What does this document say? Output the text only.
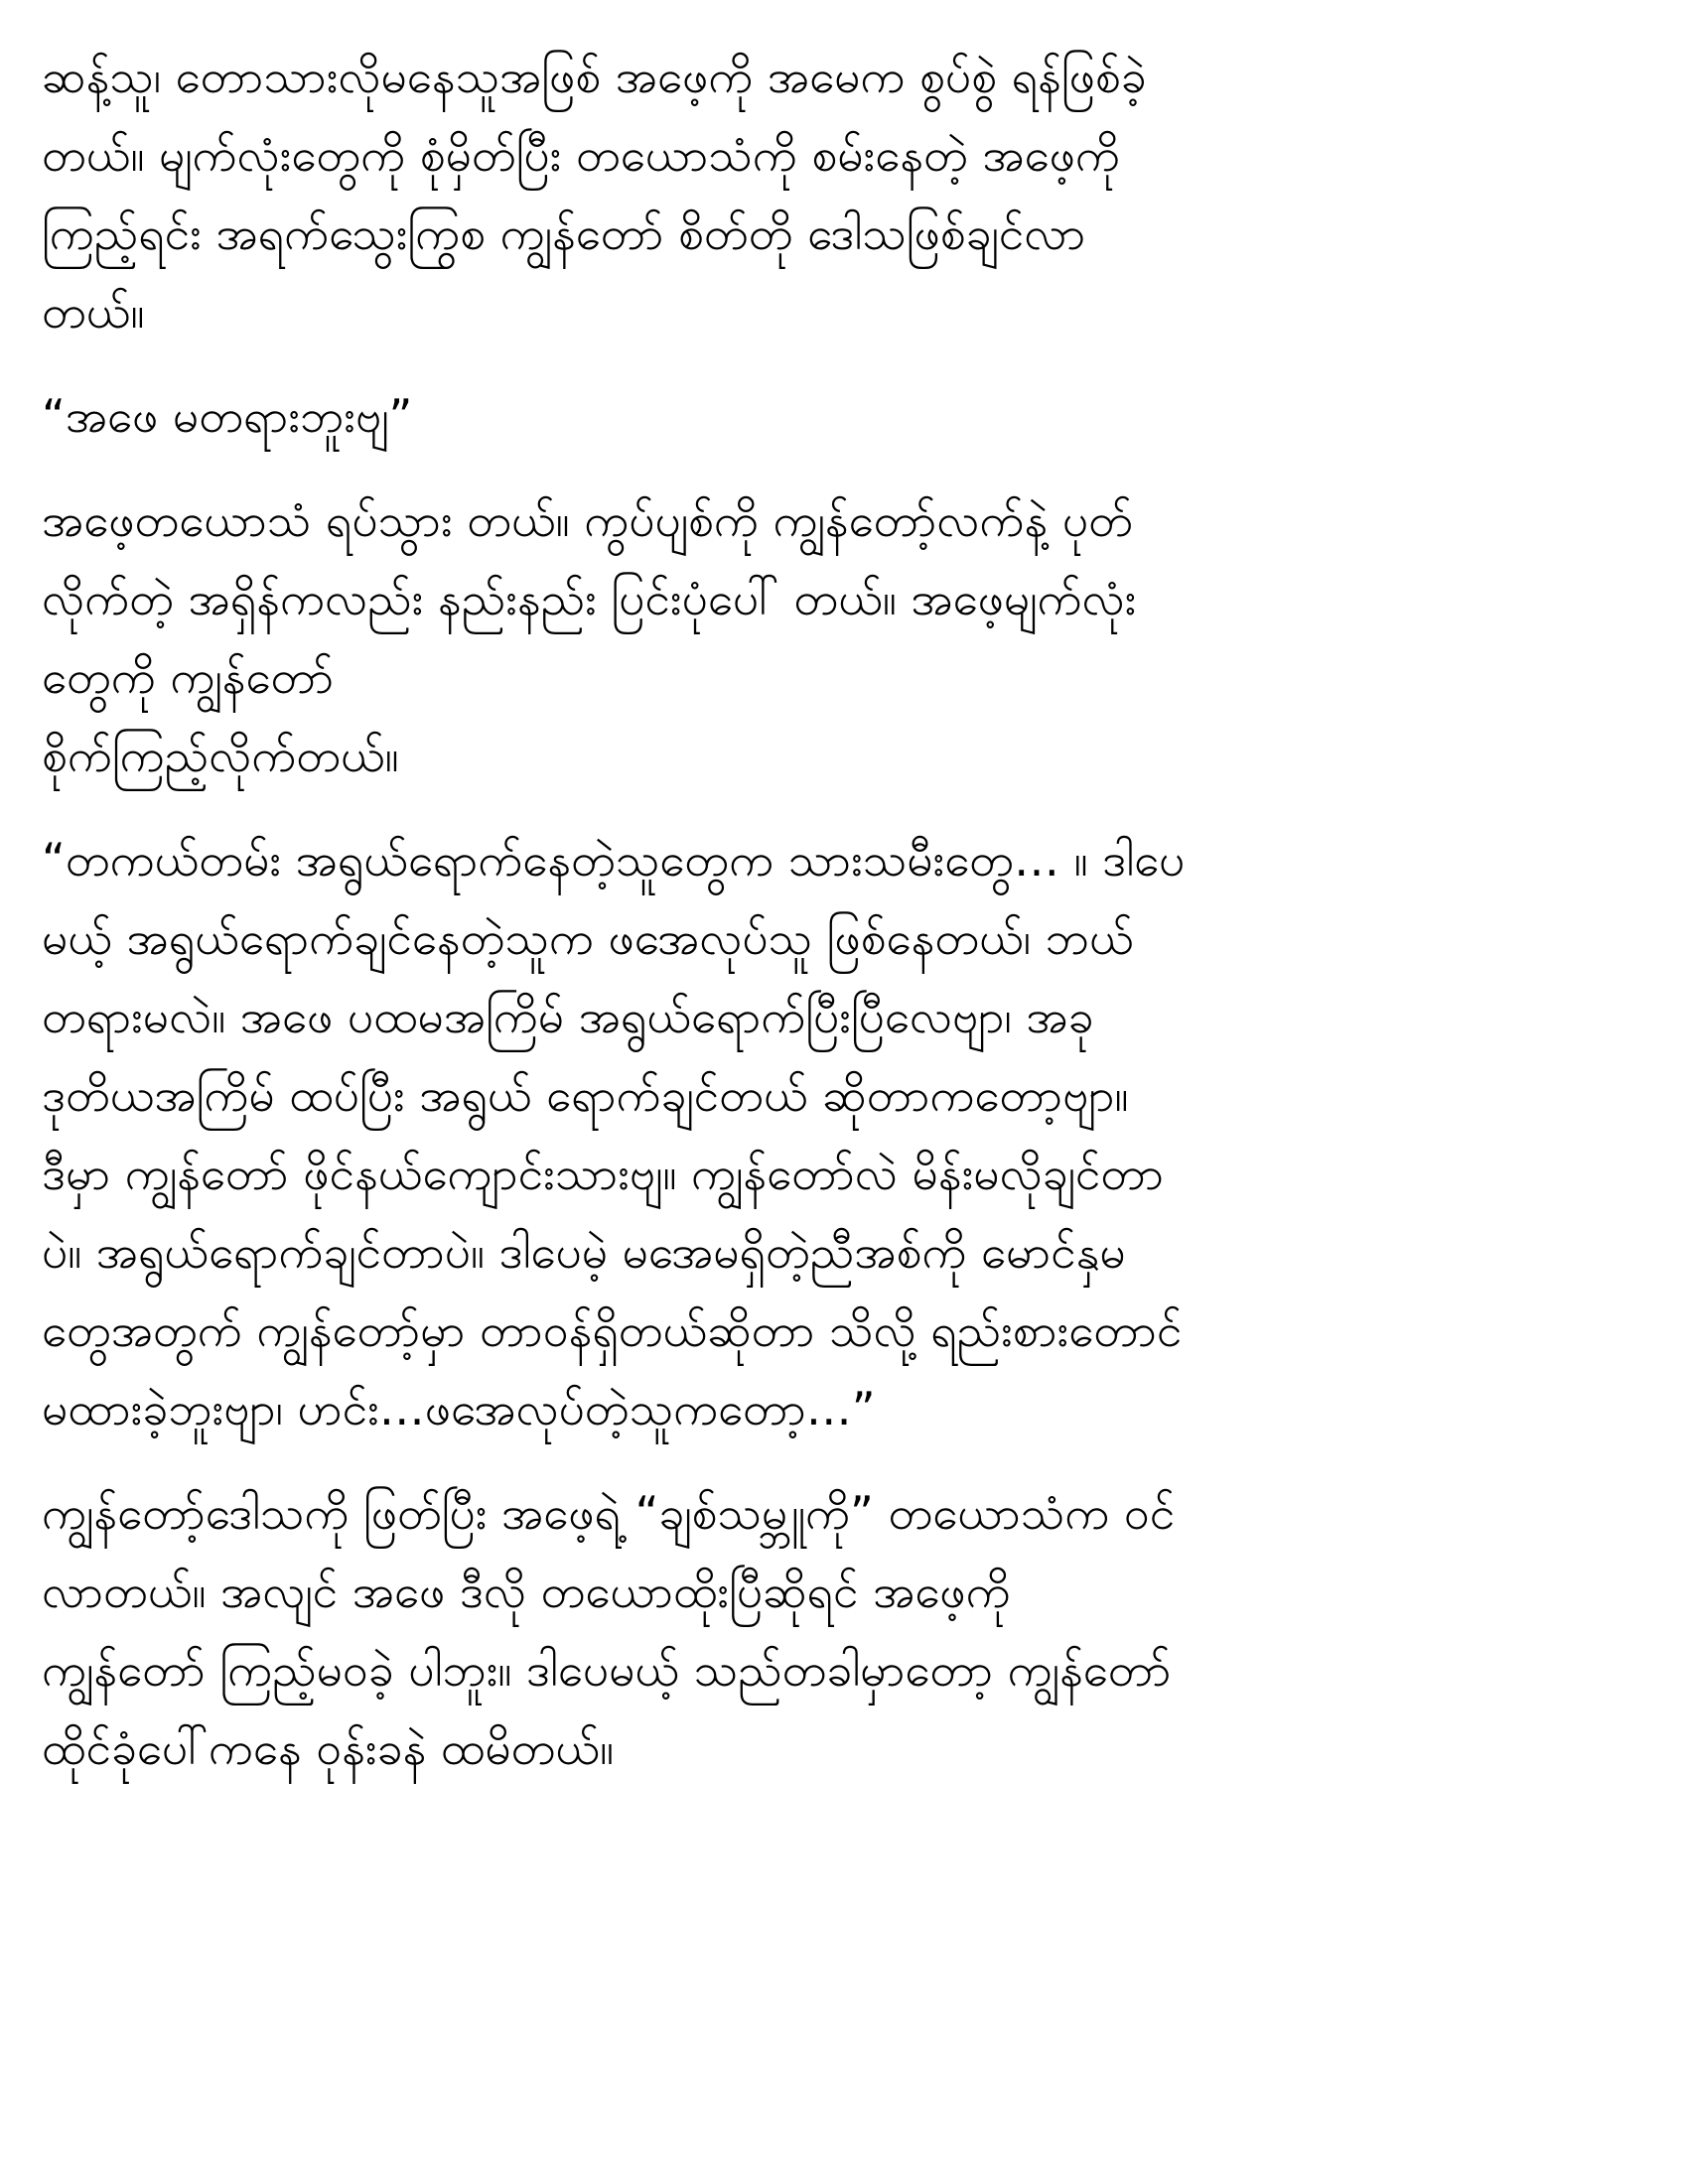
ဆန့်သူ၊ တောသားလိုမနေသူအဖြစ် အဖေ့ကို အမေက စွပ်စွဲ ရန်ဖြစ်ခဲ့
တယ်။ မျက်လုံးတွေကို စုံမှိတ်ပြီး တယောသံကို စမ်းနေတဲ့ အဖေ့ကို
ကြည့်ရင်း အရက်သွေးကြွစ ကျွန်တော် စိတ်တို ဒေါသဖြစ်ချင်လာ
တယ်။

“အဖေ မတရားဘူးဗျ”

အဖေ့တယောသံ ရပ်သွား တယ်။ ကွပ်ပျစ်ကို ကျွန်တော့်လက်နဲ့ ပုတ်
လိုက်တဲ့ အရှိန်ကလည်း နည်းနည်း ပြင်းပုံပေါ် တယ်။ အဖေ့မျက်လုံး
တွေကို ကျွန်တော်
စိုက်ကြည့်လိုက်တယ်။

“တကယ်တမ်း အရွယ်ရောက်နေတဲ့သူတွေက သားသမီးတွေ… ။ ဒါပေ
မယ့် အရွယ်ရောက်ချင်နေတဲ့သူက ဖအေလုပ်သူ ဖြစ်နေတယ်၊ ဘယ်
တရားမလဲ။ အဖေ ပထမအကြိမ် အရွယ်ရောက်ပြီးပြီလေဗျာ၊ အခု
ဒုတိယအကြိမ် ထပ်ပြီး အရွယ် ရောက်ချင်တယ် ဆိုတာကတော့ဗျာ။
ဒီမှာ ကျွန်တော် ဖိုင်နယ်ကျောင်းသားဗျ။ ကျွန်တော်လဲ မိန်းမလိုချင်တာ
ပဲ။ အရွယ်ရောက်ချင်တာပဲ။ ဒါပေမဲ့ မအေမရှိတဲ့ညီအစ်ကို မောင်နှမ
တွေအတွက် ကျွန်တော့်မှာ တာဝန်ရှိတယ်ဆိုတာ သိလို့ ရည်းစားတောင်
မထားခဲ့ဘူးဗျာ၊ ဟင်း…ဖအေလုပ်တဲ့သူကတော့…”

ကျွန်တော့်ဒေါသကို ဖြတ်ပြီး အဖေ့ရဲ့ “ချစ်သမ္ဘူကို” တယောသံက ဝင်
လာတယ်။ အလျင် အဖေ ဒီလို တယောထိုးပြီဆိုရင် အဖေ့ကို
ကျွန်တော် ကြည့်မဝခဲ့ ပါဘူး။ ဒါပေမယ့် သည်တခါမှာတော့ ကျွန်တော်
ထိုင်ခုံပေါ်ကနေ ဝုန်းခနဲ ထမိတယ်။
